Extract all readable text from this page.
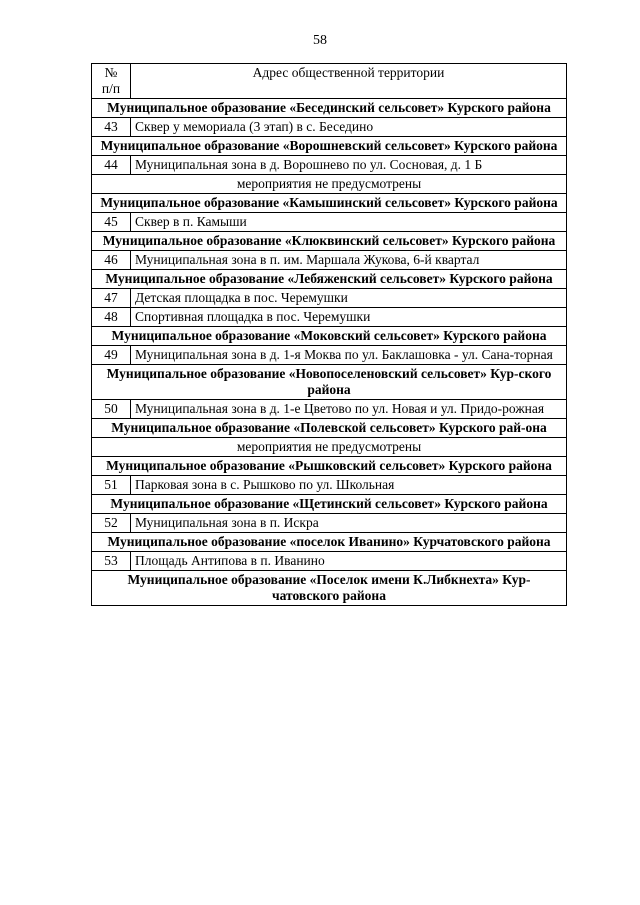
58
№
п/п	Адрес общественной территории
Муниципальное образование «Бесединский сельсовет» Курского района	
43	Сквер у мемориала (3 этап) в с. Беседино
Муниципальное образование «Ворошневский сельсовет» Курского района	
44	Муниципальная зона в д. Ворошнево по ул. Сосновая, д. 1 Б
мероприятия не предусмотрены	
Муниципальное образование «Камышинский сельсовет» Курского района	
45	Сквер в п. Камыши
Муниципальное образование «Клюквинский сельсовет» Курского района	
46	Муниципальная зона в п. им. Маршала Жукова, 6-й квартал
Муниципальное образование «Лебяженский сельсовет» Курского района	
47	Детская площадка в пос. Черемушки
48	Спортивная площадка в пос. Черемушки
Муниципальное образование «Моковский сельсовет» Курского района	
49	Муниципальная зона в д. 1-я Моква по ул. Баклашовка - ул. Сана-торная
Муниципальное образование «Новопоселеновский сельсовет» Кур-ского района	
50	Муниципальная зона в д. 1-е Цветово по ул. Новая и ул. Придо-рожная
Муниципальное образование «Полевской сельсовет» Курского рай-она	
мероприятия не предусмотрены	
Муниципальное образование «Рышковский сельсовет» Курского района	
51	Парковая зона в с. Рышково по ул. Школьная
Муниципальное образование «Щетинский сельсовет» Курского района	
52	Муниципальная зона в п. Искра
Муниципальное образование «поселок Иванино» Курчатовского района	
53	Площадь Антипова в п. Иванино
Муниципальное образование «Поселок имени К.Либкнехта» Кур-чатовского района	
